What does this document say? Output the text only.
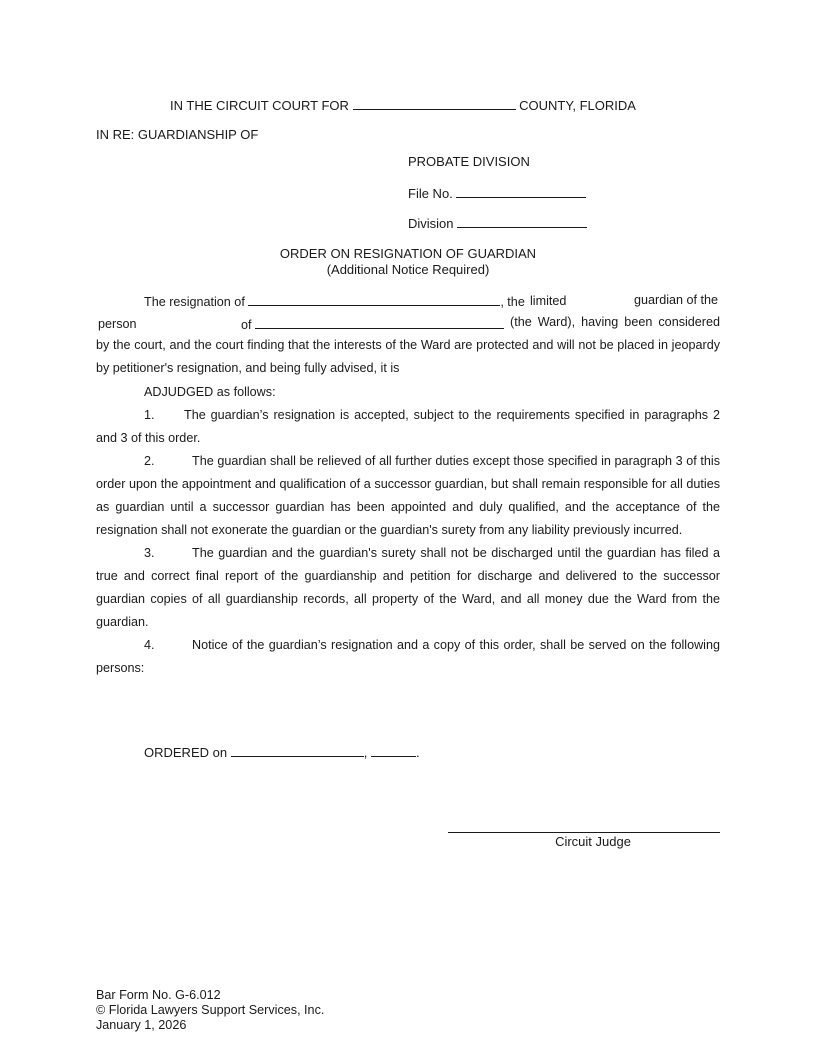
IN THE CIRCUIT COURT FOR	COUNTY, FLORIDA
IN RE: GUARDIANSHIP OF
PROBATE DIVISION
File No.
Division
ORDER ON RESIGNATION OF GUARDIAN
(Additional Notice Required)
The resignation of	, the limited	guardian of the
person	of	(the Ward), having been considered by the court, and the court finding that the interests of the Ward are protected and will not be placed in jeopardy by petitioner's resignation, and being fully advised, it is
ADJUDGED as follows:
1. The guardian’s resignation is accepted, subject to the requirements specified in paragraphs 2 and 3 of this order.
2.	The guardian shall be relieved of all further duties except those specified in paragraph 3 of this order upon the appointment and qualification of a successor guardian, but shall remain responsible for all duties as guardian until a successor guardian has been appointed and duly qualified, and the acceptance of the resignation shall not exonerate the guardian or the guardian's surety from any liability previously incurred.
3.	The guardian and the guardian's surety shall not be discharged until the guardian has filed a true and correct final report of the guardianship and petition for discharge and delivered to the successor guardian copies of all guardianship records, all property of the Ward, and all money due the Ward from the guardian.
4.	Notice of the guardian’s resignation and a copy of this order, shall be served on the following persons:
ORDERED on	,	.
Circuit Judge
Bar Form No. G-6.012
© Florida Lawyers Support Services, Inc.
January 1, 2026
